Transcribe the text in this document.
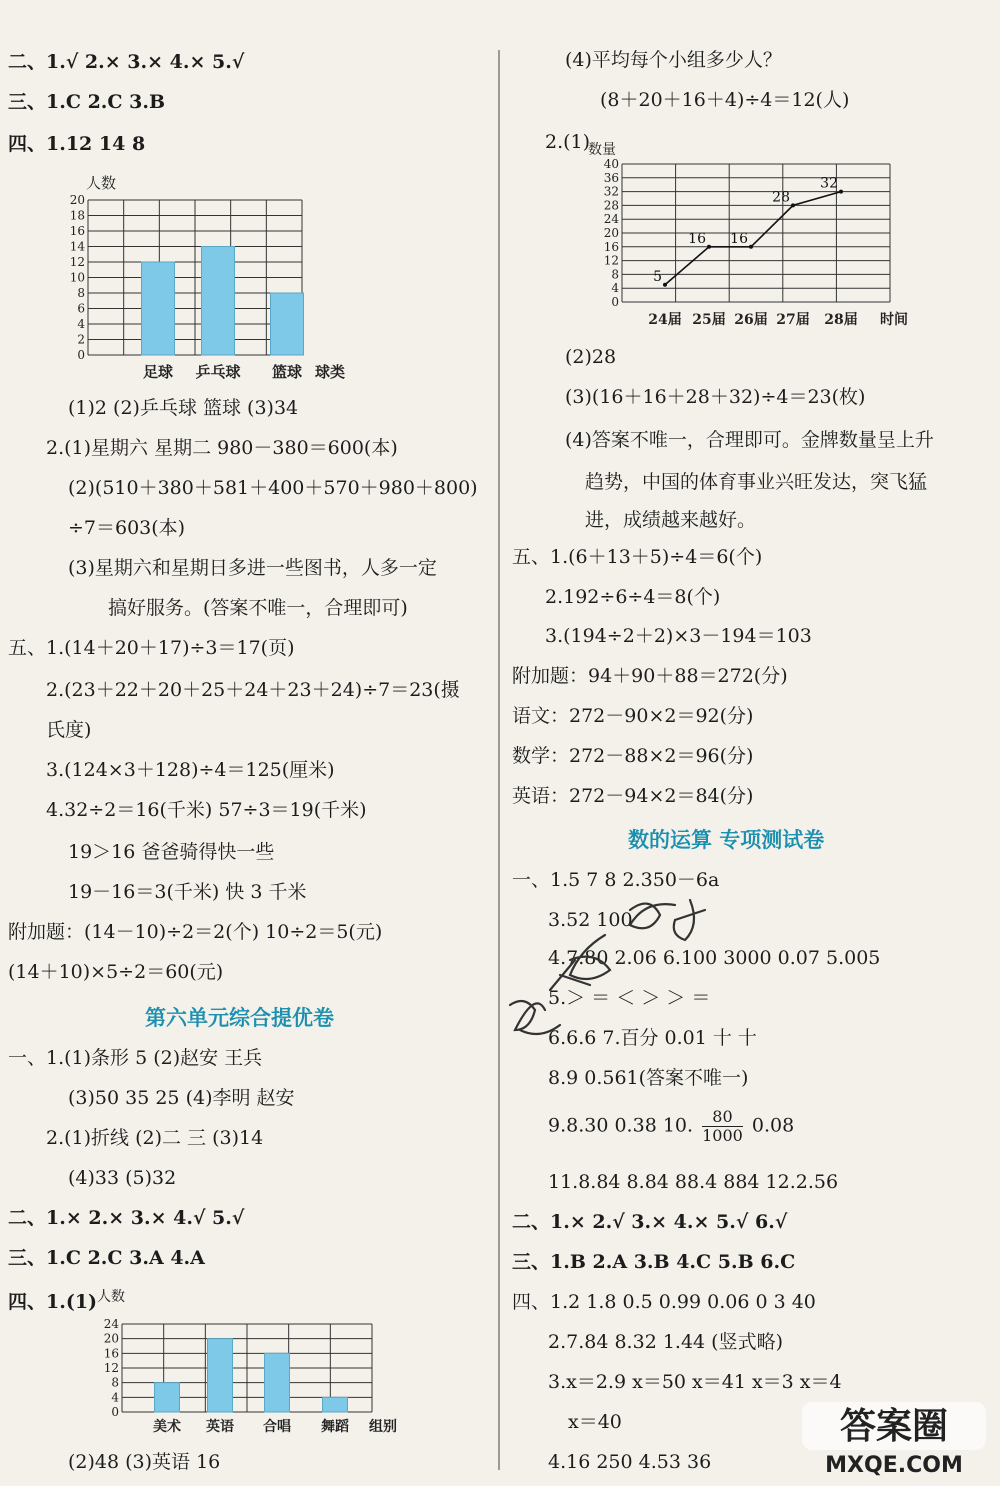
二、1.√ 2.× 3.× 4.× 5.√
三、1.C 2.C 3.B
四、1.12 14 8
0
2
4
6
8
10
12
14
16
18
20
人数
足球 乒乓球 篮球 球类
(1)2 (2)乒乓球 篮球 (3)34
2.(1)星期六 星期二 980－380＝600(本)
(2)(510＋380＋581＋400＋570＋980＋800)
÷7＝603(本)
(3)星期六和星期日多进一些图书，人多一定
搞好服务。(答案不唯一，合理即可)
五、1.(14＋20＋17)÷3＝17(页)
2.(23＋22＋20＋25＋24＋23＋24)÷7＝23(摄
氏度)
3.(124×3＋128)÷4＝125(厘米)
4.32÷2＝16(千米) 57÷3＝19(千米)
19＞16 爸爸骑得快一些
19－16＝3(千米) 快 3 千米
附加题：(14－10)÷2＝2(个) 10÷2＝5(元)
(14＋10)×5÷2＝60(元)
第六单元综合提优卷
一、1.(1)条形 5 (2)赵安 王兵
(3)50 35 25 (4)李明 赵安
2.(1)折线 (2)二 三 (3)14
(4)33 (5)32
二、1.× 2.× 3.× 4.√ 5.√
三、1.C 2.C 3.A 4.A
四、1.(1)
0
4
8
12
16
20
24
人数
美术 英语 合唱 舞蹈 组别
(2)48 (3)英语 16
(4)平均每个小组多少人？
(8＋20＋16＋4)÷4＝12(人)
2.(1)
0
4
8
12
16
20
24
28
32
36
40
数量
24届 25届 26届 27届 28届 时间
5
16 16
28
32
(2)28
(3)(16＋16＋28＋32)÷4＝23(枚)
(4)答案不唯一，合理即可。金牌数量呈上升
趋势，中国的体育事业兴旺发达，突飞猛
进，成绩越来越好。
五、1.(6＋13＋5)÷4＝6(个)
2.192÷6÷4＝8(个)
3.(194÷2＋2)×3－194＝103
附加题：94＋90＋88＝272(分)
语文：272－90×2＝92(分)
数学：272－88×2＝96(分)
英语：272－94×2＝84(分)
数的运算 专项测试卷
一、1.5 7 8 2.350－6a
3.52 100
4.7.80 2.06 6.100 3000 0.07 5.005
5.＞ ＝ ＜ ＞ ＞ ＝
6.6.6 7.百分 0.01 十 十
8.9 0.561(答案不唯一)
9.8.30 0.38 10. $\frac{80}{1000} 0.08$
11.8.84 8.84 88.4 884 12.2.56
二、1.× 2.√ 3.× 4.× 5.√ 6.√
三、1.B 2.A 3.B 4.C 5.B 6.C
四、1.2 1.8 0.5 0.99 0.06 0 3 40
2.7.84 8.32 1.44 (竖式略)
3.x＝2.9 x＝50 x＝41 x＝3 x＝4
x＝40
4.16 250 4.53 36
答案圈
MXQE.COM
